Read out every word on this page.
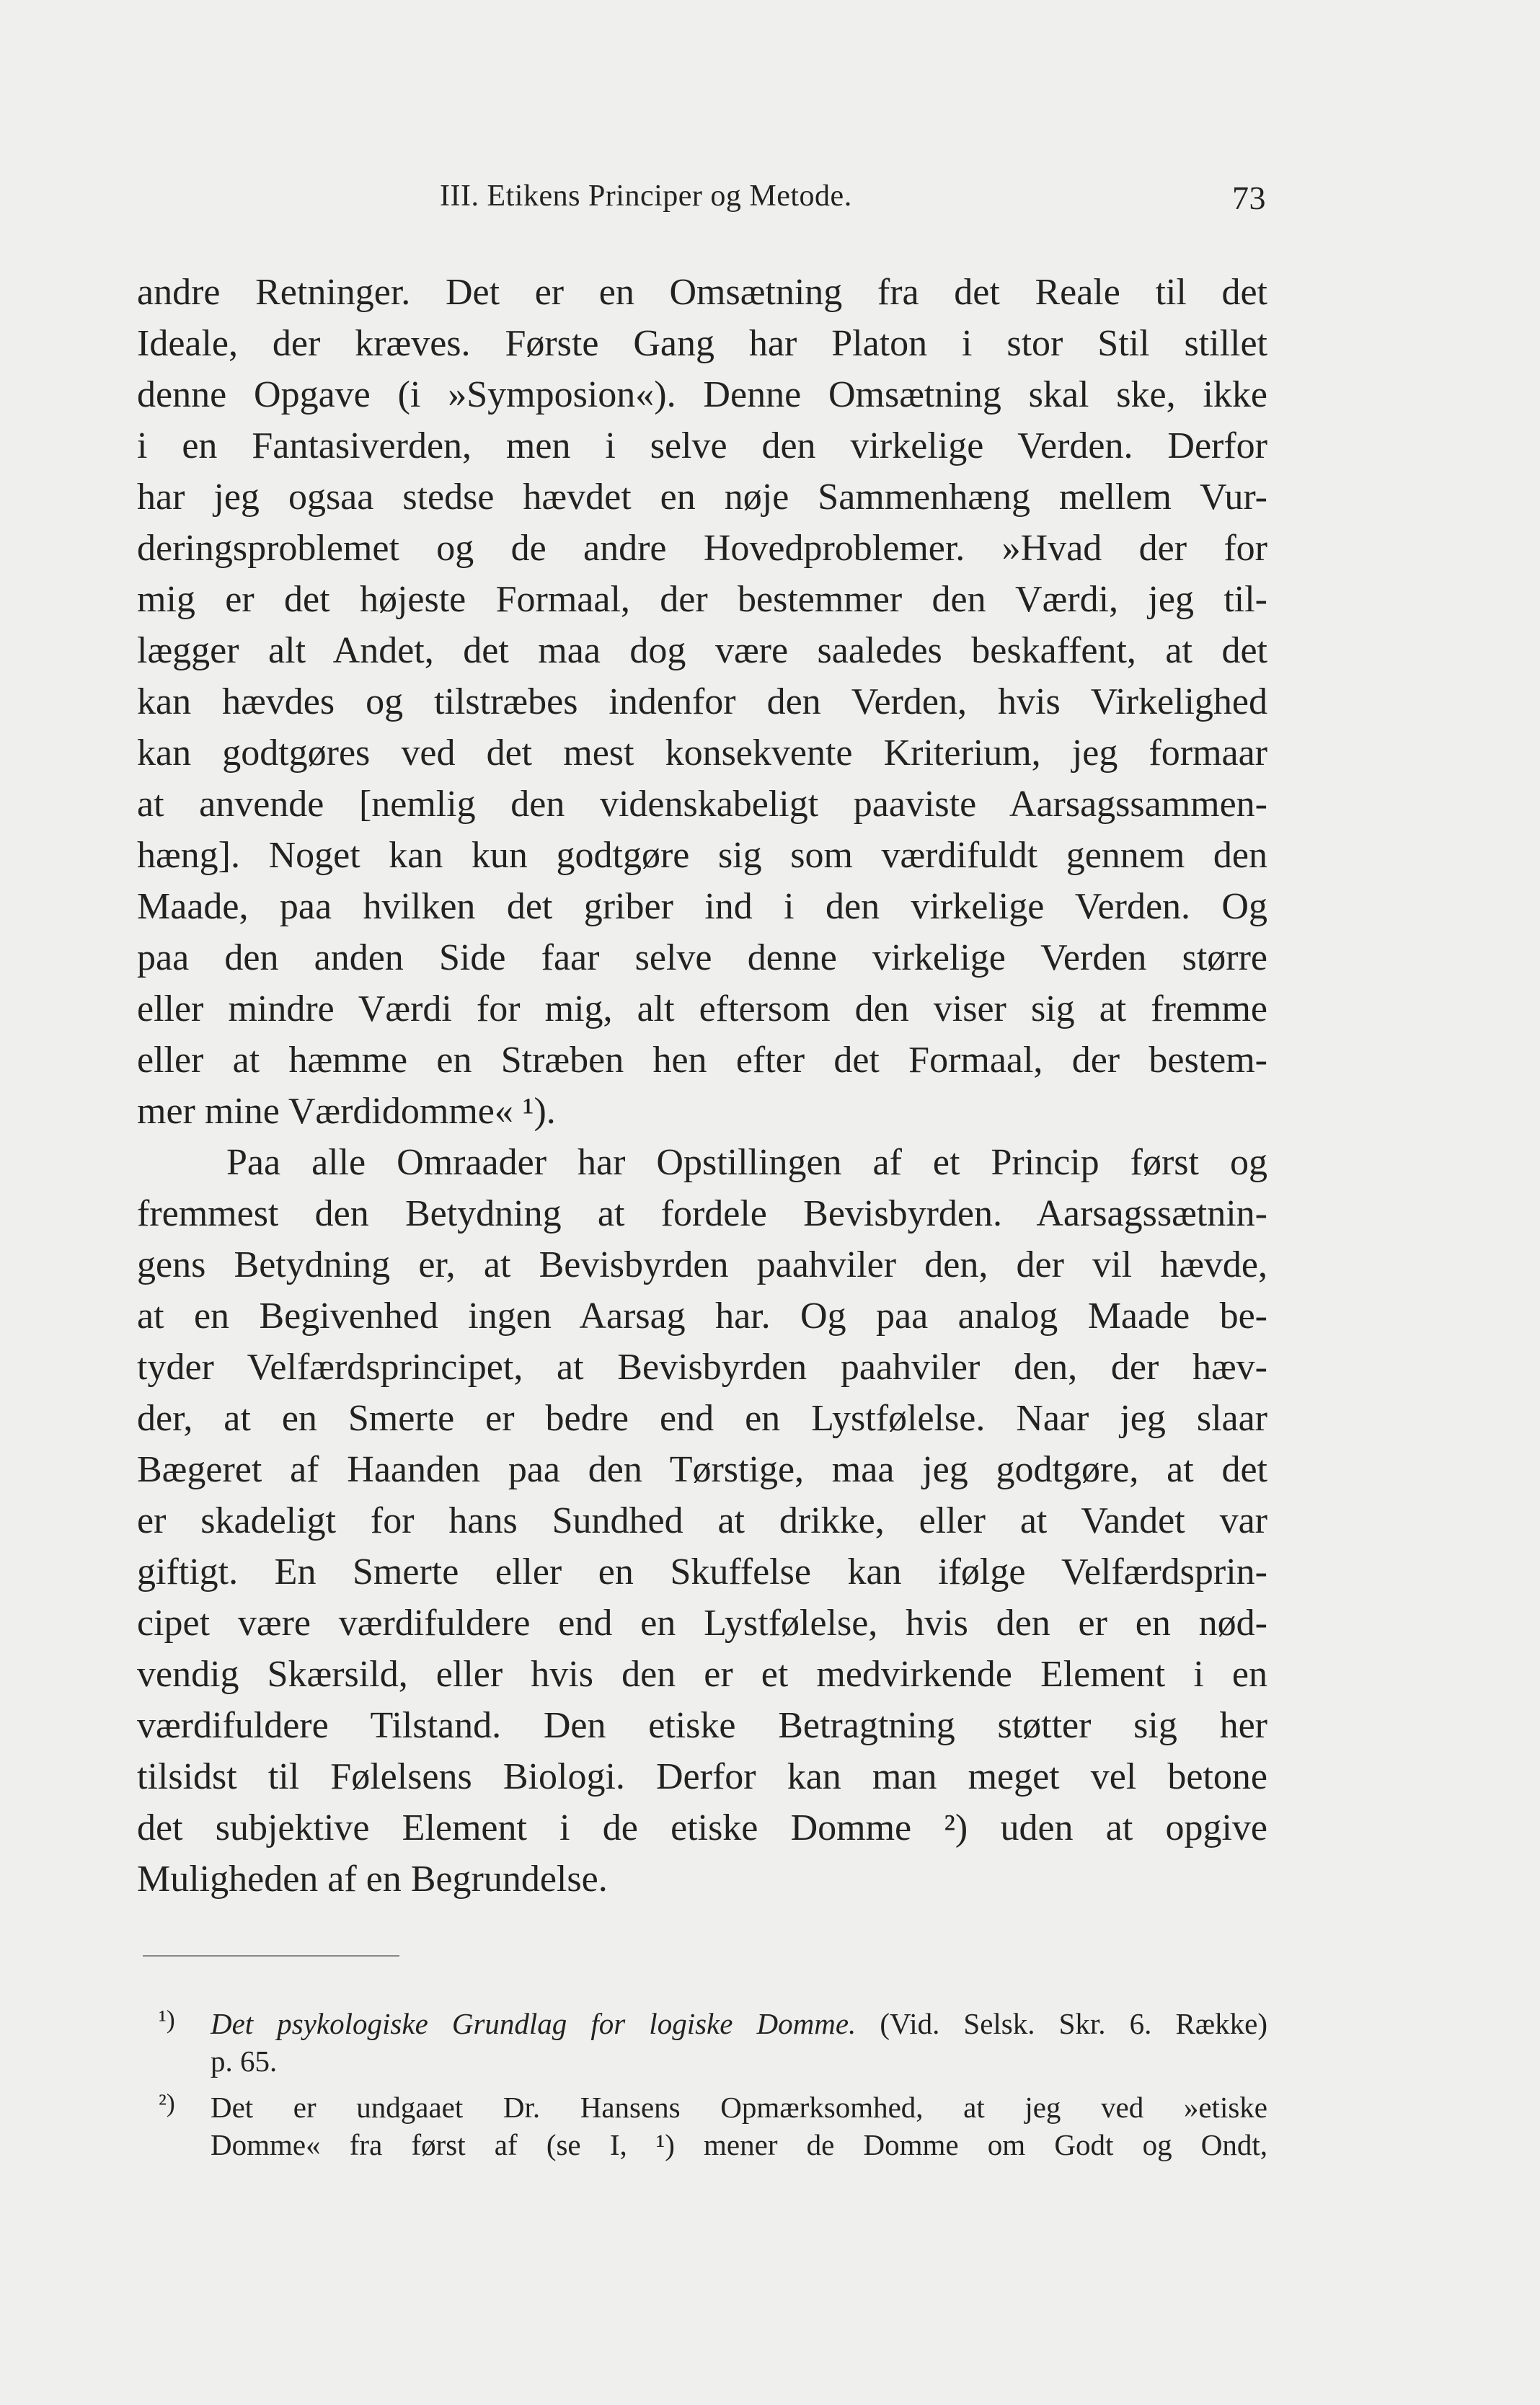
III. Etikens Principer og Metode.	73
andre Retninger. Det er en Omsætning fra det Reale til det
Ideale, der kræves. Første Gang har Platon i stor Stil stillet
denne Opgave (i »Symposion«). Denne Omsætning skal ske, ikke
i en Fantasiverden, men i selve den virkelige Verden. Derfor
har jeg ogsaa stedse hævdet en nøje Sammenhæng mellem Vur-
deringsproblemet og de andre Hovedproblemer. »Hvad der for
mig er det højeste Formaal, der bestemmer den Værdi, jeg til-
lægger alt Andet, det maa dog være saaledes beskaffent, at det
kan hævdes og tilstræbes indenfor den Verden, hvis Virkelighed
kan godtgøres ved det mest konsekvente Kriterium, jeg formaar
at anvende [nemlig den videnskabeligt paaviste Aarsagssammen-
hæng]. Noget kan kun godtgøre sig som værdifuldt gennem den
Maade, paa hvilken det griber ind i den virkelige Verden. Og
paa den anden Side faar selve denne virkelige Verden større
eller mindre Værdi for mig, alt eftersom den viser sig at fremme
eller at hæmme en Stræben hen efter det Formaal, der bestem-
mer mine Værdidomme« ¹).
Paa alle Omraader har Opstillingen af et Princip først og
fremmest den Betydning at fordele Bevisbyrden. Aarsagssætnin-
gens Betydning er, at Bevisbyrden paahviler den, der vil hævde,
at en Begivenhed ingen Aarsag har. Og paa analog Maade be-
tyder Velfærdsprincipet, at Bevisbyrden paahviler den, der hæv-
der, at en Smerte er bedre end en Lystfølelse. Naar jeg slaar
Bægeret af Haanden paa den Tørstige, maa jeg godtgøre, at det
er skadeligt for hans Sundhed at drikke, eller at Vandet var
giftigt. En Smerte eller en Skuffelse kan ifølge Velfærdsprin-
cipet være værdifuldere end en Lystfølelse, hvis den er en nød-
vendig Skærsild, eller hvis den er et medvirkende Element i en
værdifuldere Tilstand. Den etiske Betragtning støtter sig her
tilsidst til Følelsens Biologi. Derfor kan man meget vel betone
det subjektive Element i de etiske Domme ²) uden at opgive
Muligheden af en Begrundelse.
¹) Det psykologiske Grundlag for logiske Domme. (Vid. Selsk. Skr. 6. Række)
p. 65.
²) Det er undgaaet Dr. Hansens Opmærksomhed, at jeg ved »etiske
Domme« fra først af (se I, ¹) mener de Domme om Godt og Ondt,
